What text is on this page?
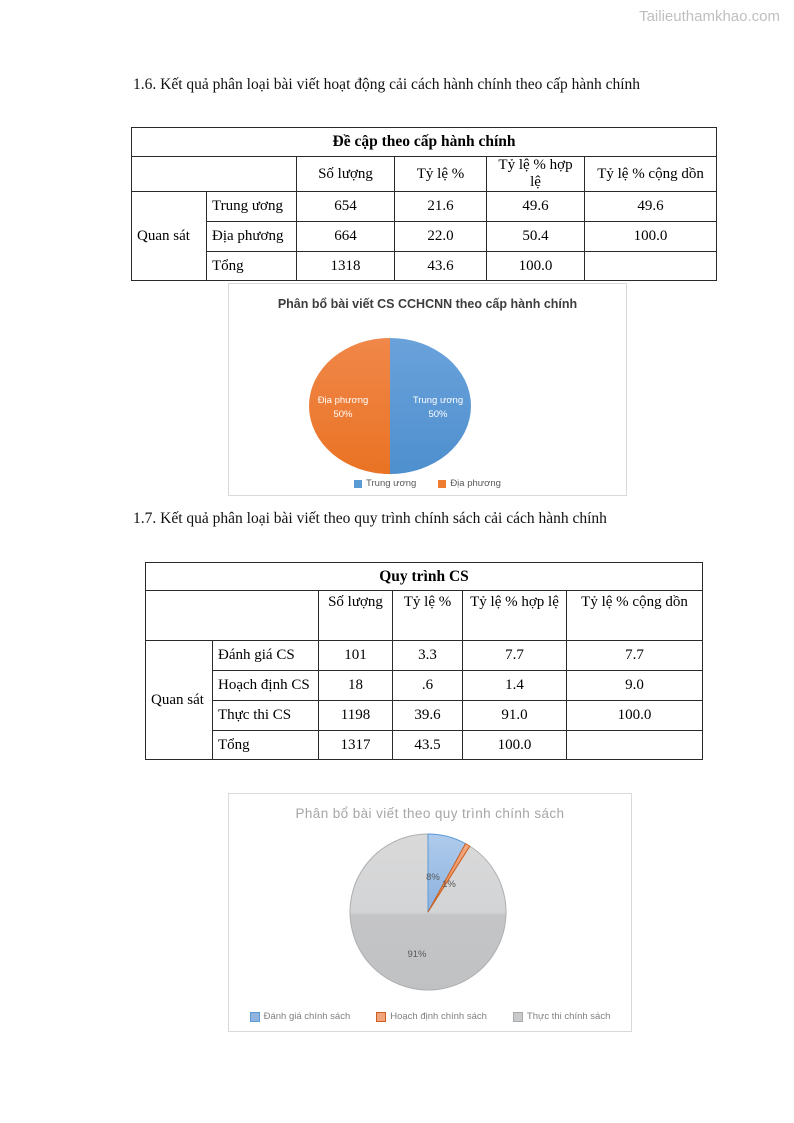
Tailieuthamkhao.com
1.6. Kết quả phân loại bài viết hoạt động cải cách hành chính theo cấp hành chính
Đề cập theo cấp hành chính					
		Số lượng	Tỷ lệ %	Tỷ lệ % hợp lệ	Tỷ lệ % cộng dồn
Quan sát	Trung ương	654	21.6	49.6	49.6
	Địa phương	664	22.0	50.4	100.0
	Tổng	1318	43.6	100.0	
Phân bổ bài viết CS CCHCNN theo cấp hành chính
Trung ương
50%
Địa phương
50%
Trung ương	Địa phương
1.7. Kết quả phân loại bài viết theo quy trình chính sách cải cách hành chính
Quy trình CS					
		Số lượng	Tỷ lệ %	Tỷ lệ % hợp lệ	Tỷ lệ % cộng dồn
Quan sát	Đánh giá CS	101	3.3	7.7	7.7
	Hoạch định CS	18	.6	1.4	9.0
	Thực thi CS	1198	39.6	91.0	100.0
	Tổng	1317	43.5	100.0	
Phân bổ bài viết theo quy trình chính sách
8%
1%
91%
Đánh giá chính sách	Hoạch định chính sách	Thực thi chính sách
